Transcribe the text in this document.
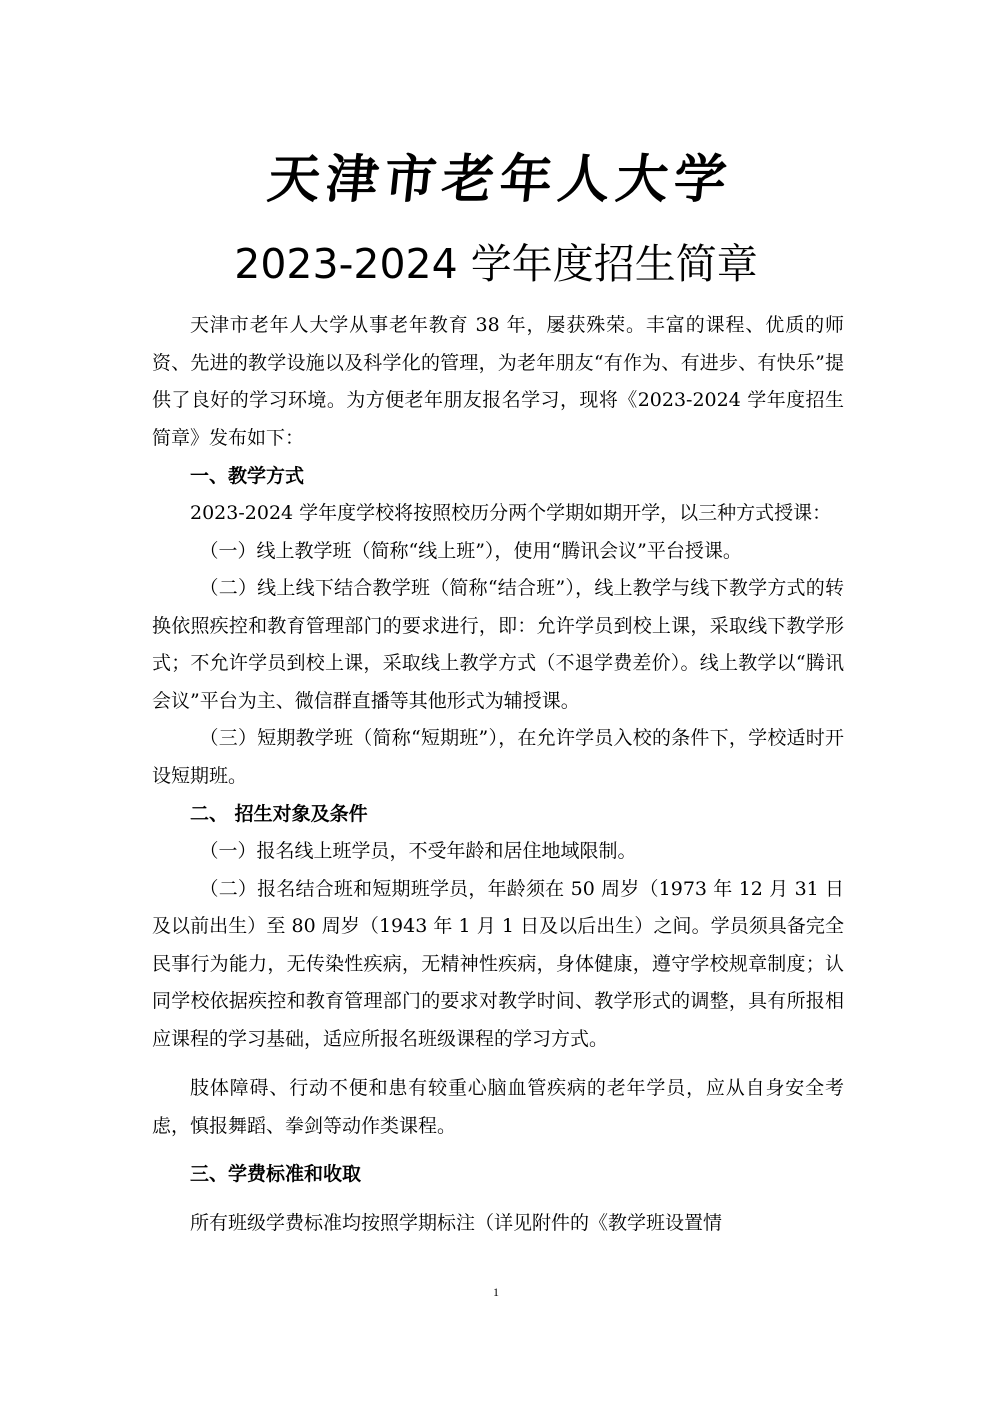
天津市老年人大学
2023-2024 学年度招生简章

天津市老年人大学从事老年教育 38 年，屡获殊荣。丰富的课程、优质的师资、先进的教学设施以及科学化的管理，为老年朋友“有作为、有进步、有快乐”提供了良好的学习环境。为方便老年朋友报名学习，现将《2023-2024 学年度招生简章》发布如下：

一、教学方式

2023-2024 学年度学校将按照校历分两个学期如期开学，以三种方式授课：

（一）线上教学班（简称“线上班”），使用“腾讯会议”平台授课。

（二）线上线下结合教学班（简称“结合班”），线上教学与线下教学方式的转换依照疾控和教育管理部门的要求进行，即：允许学员到校上课，采取线下教学形式；不允许学员到校上课，采取线上教学方式（不退学费差价）。线上教学以“腾讯会议”平台为主、微信群直播等其他形式为辅授课。

（三）短期教学班（简称“短期班”），在允许学员入校的条件下，学校适时开设短期班。

二、 招生对象及条件

（一）报名线上班学员，不受年龄和居住地域限制。

（二）报名结合班和短期班学员，年龄须在 50 周岁（1973 年 12 月 31 日及以前出生）至 80 周岁（1943 年 1 月 1 日及以后出生）之间。学员须具备完全民事行为能力，无传染性疾病，无精神性疾病，身体健康，遵守学校规章制度；认同学校依据疾控和教育管理部门的要求对教学时间、教学形式的调整，具有所报相应课程的学习基础，适应所报名班级课程的学习方式。

肢体障碍、行动不便和患有较重心脑血管疾病的老年学员，应从自身安全考虑，慎报舞蹈、拳剑等动作类课程。

三、学费标准和收取

所有班级学费标准均按照学期标注（详见附件的《教学班设置情

1
